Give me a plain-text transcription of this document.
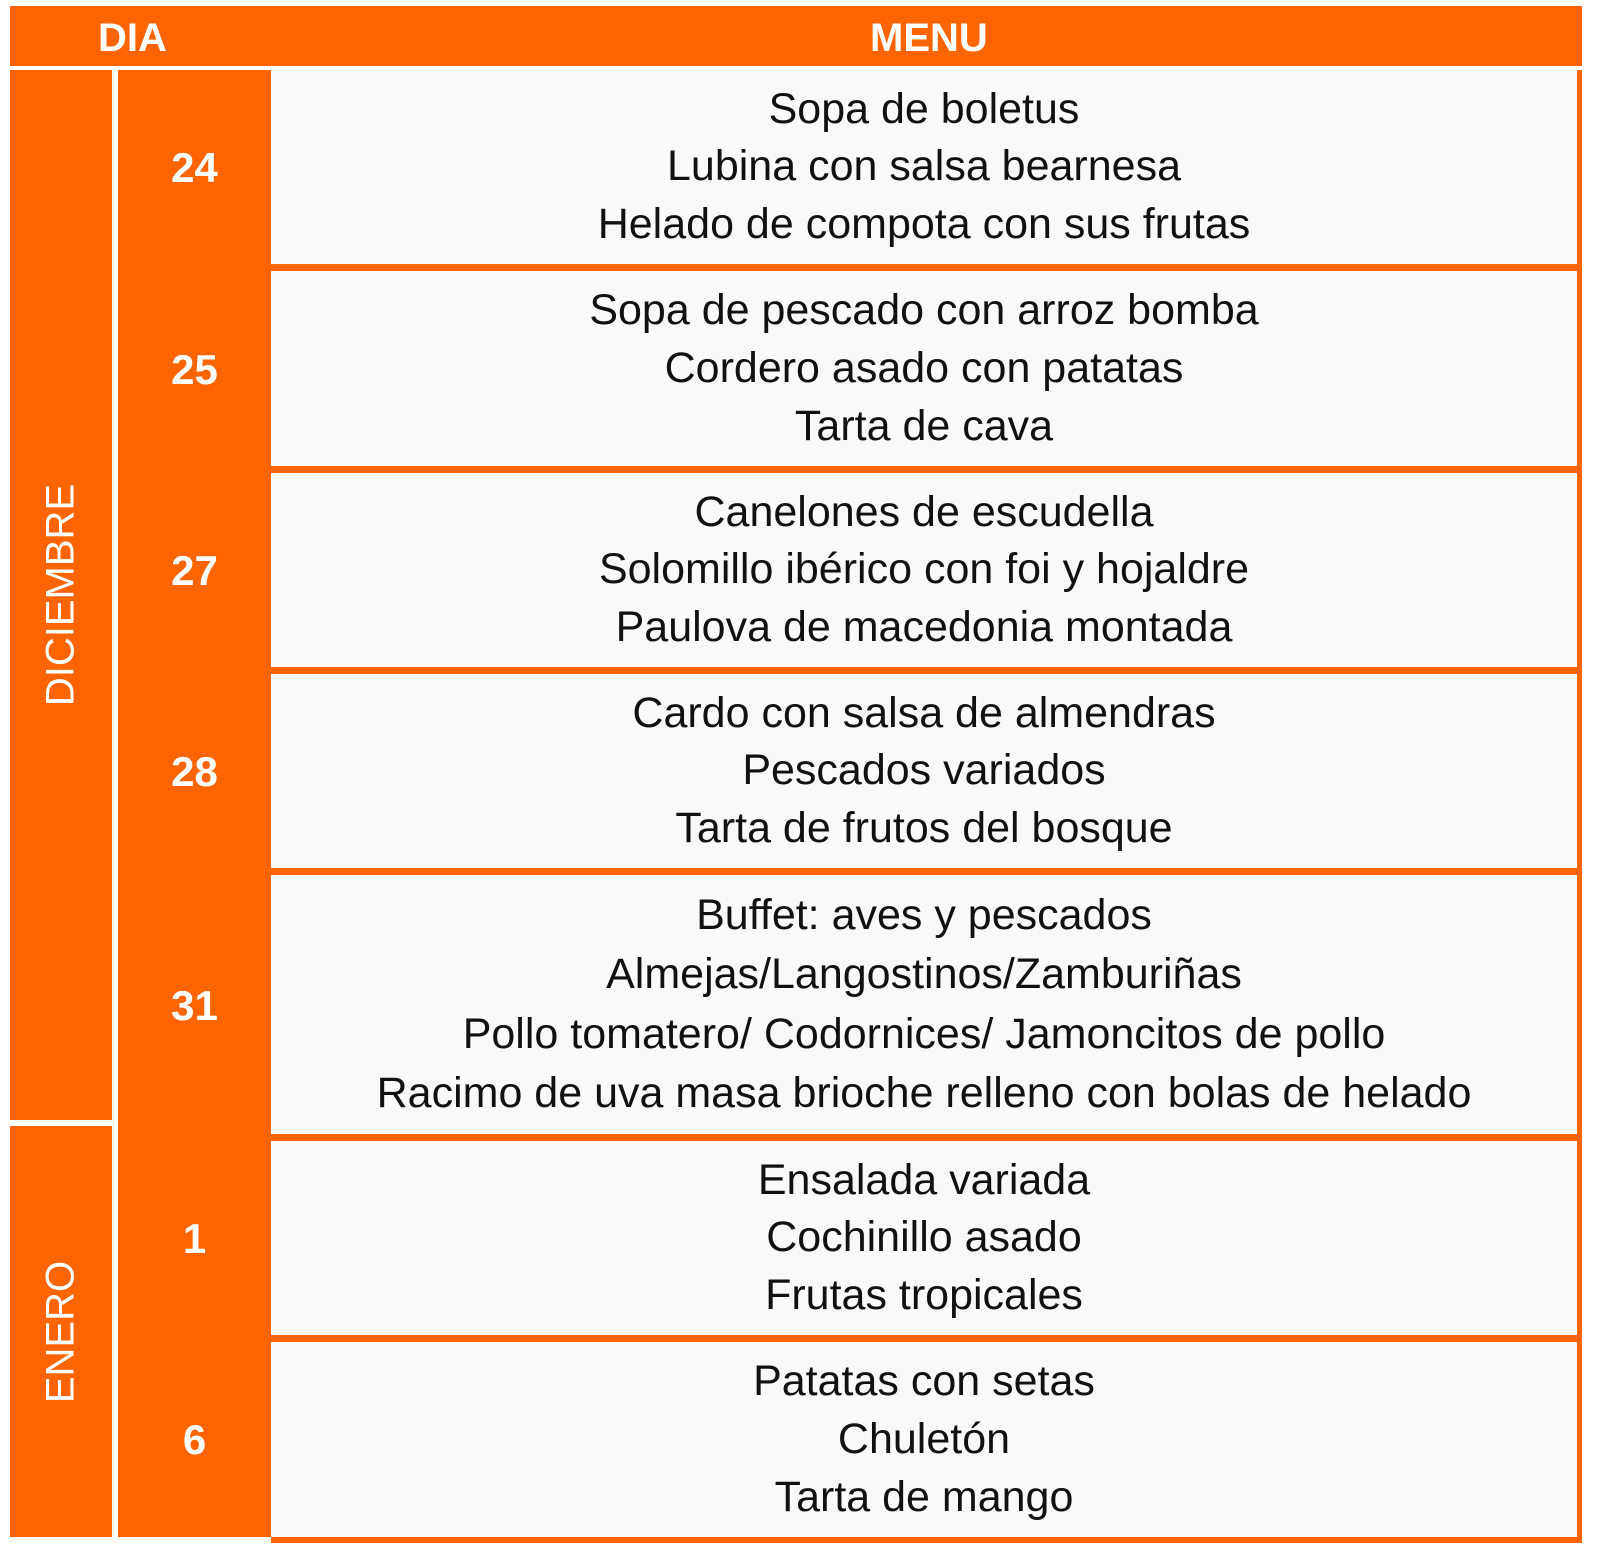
DIA	MENU
DICIEMBRE
ENERO
24
25
27
28
31
1
6
Sopa de boletus
Lubina con salsa bearnesa
Helado de compota con sus frutas
Sopa de pescado con arroz bomba
Cordero asado con patatas
Tarta de cava
Canelones de escudella
Solomillo ibérico con foi y hojaldre
Paulova de macedonia montada
Cardo con salsa de almendras
Pescados variados
Tarta de frutos del bosque
Buffet: aves y pescados
Almejas/Langostinos/Zamburiñas
Pollo tomatero/ Codornices/ Jamoncitos de pollo
Racimo de uva masa brioche relleno con bolas de helado
Ensalada variada
Cochinillo asado
Frutas tropicales
Patatas con setas
Chuletón
Tarta de mango
